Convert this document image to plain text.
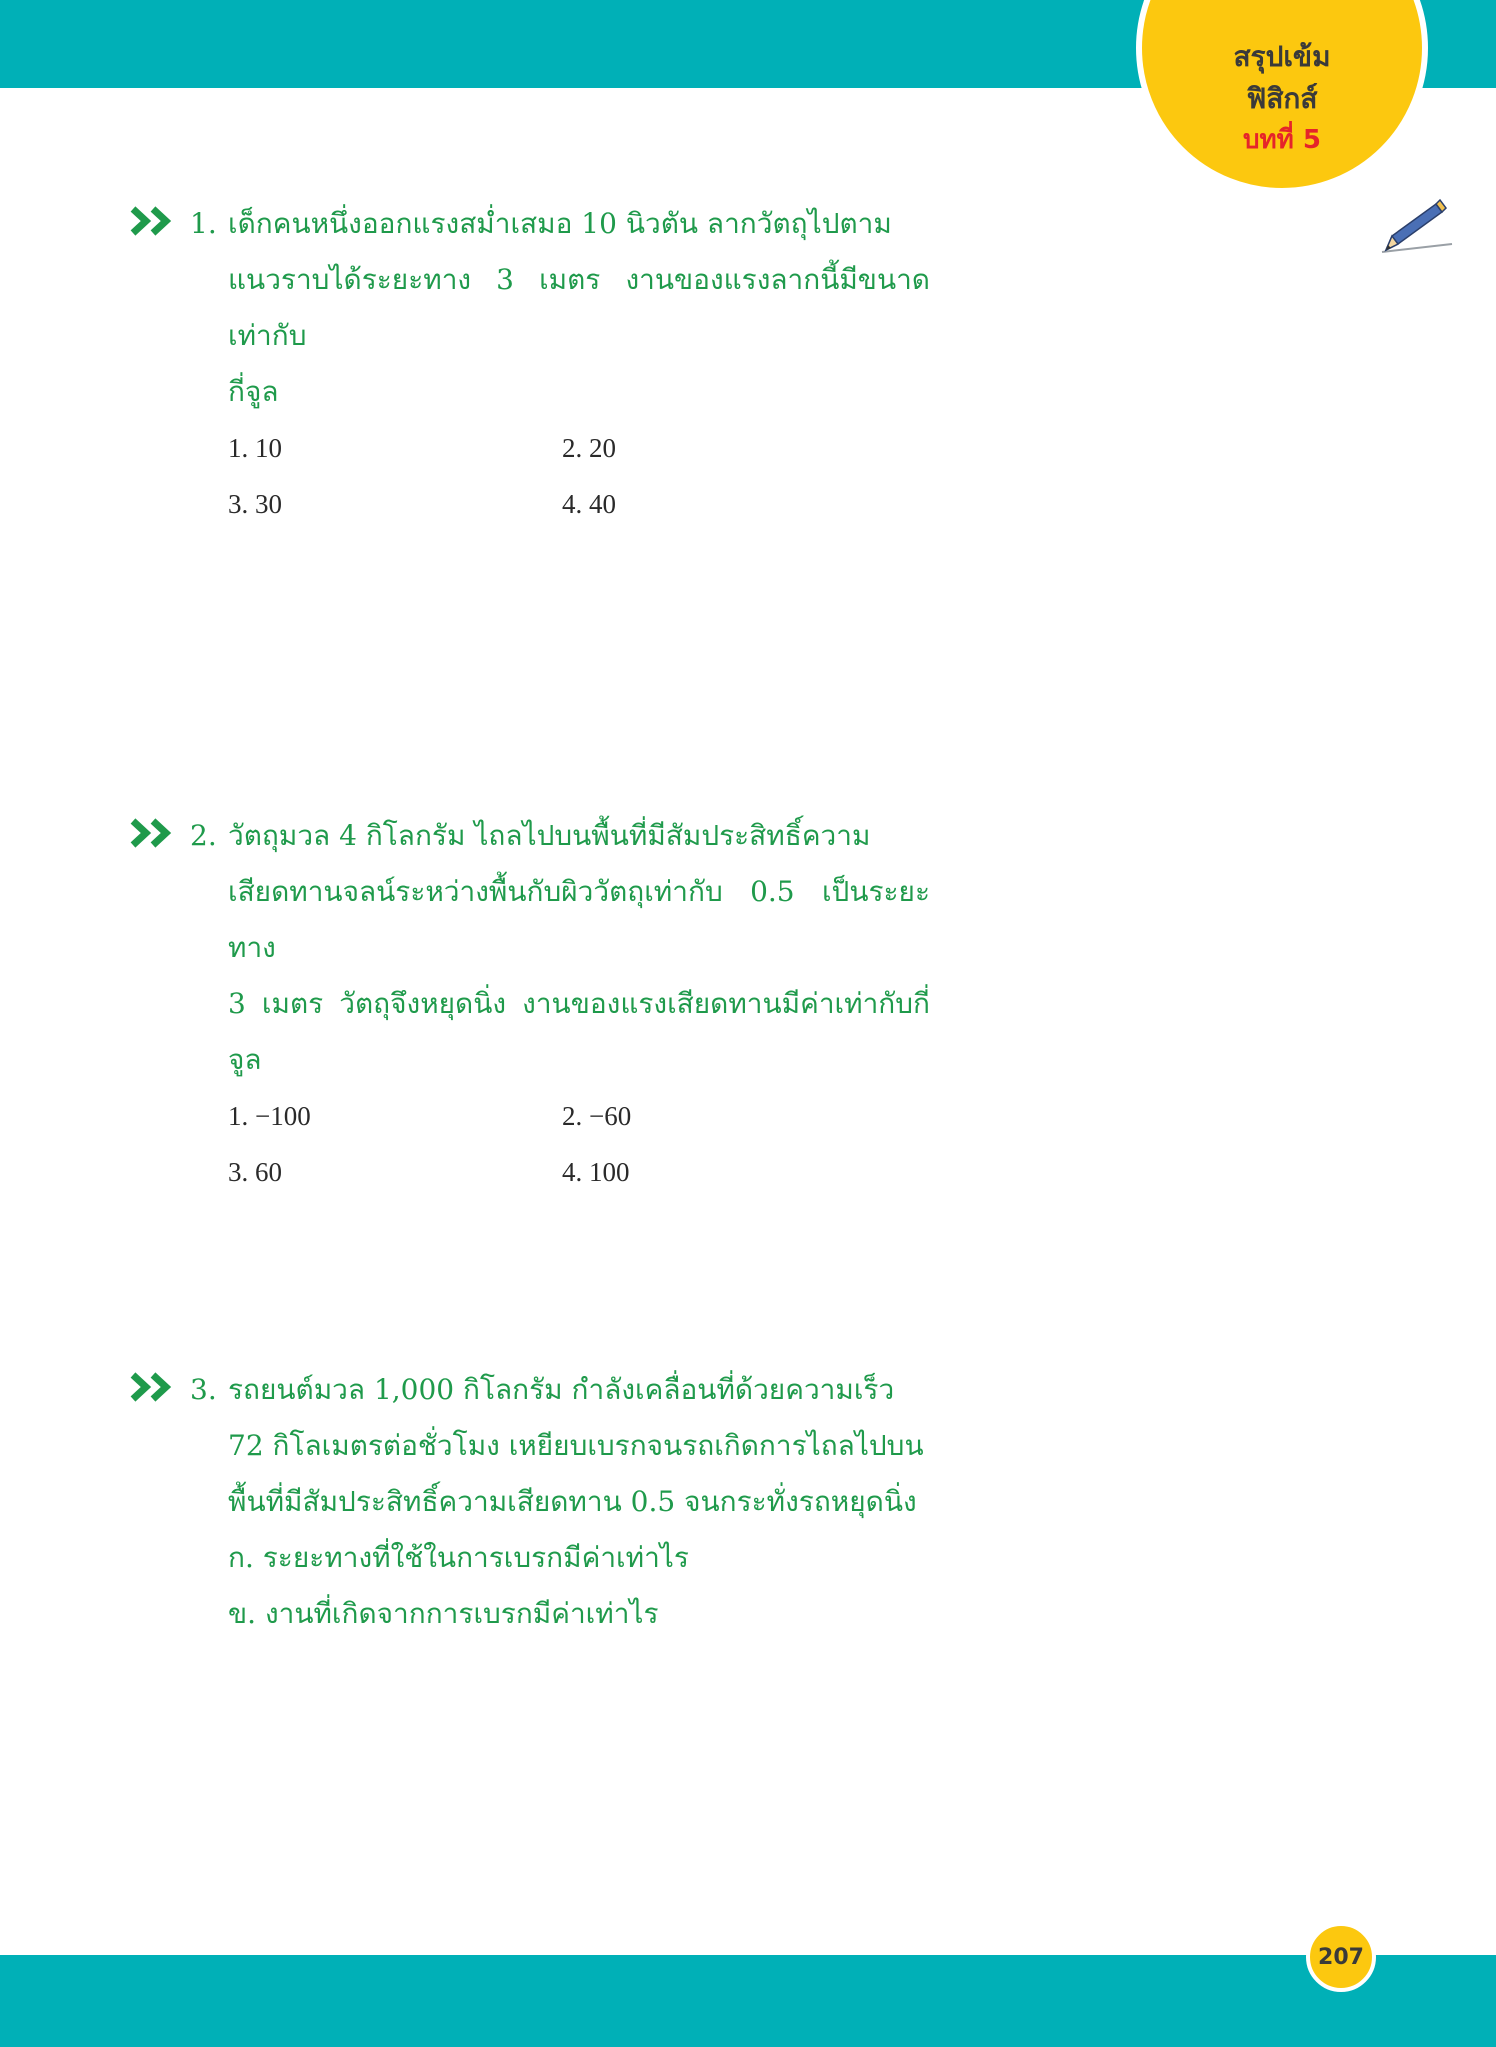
สรุปเข้ม
ฟิสิกส์
บทที่ 5
1. เด็กคนหนึ่งออกแรงสม่ำเสมอ 10 นิวตัน ลากวัตถุไปตาม
แนวราบได้ระยะทาง 3 เมตร งานของแรงลากนี้มีขนาดเท่ากับ
กี่จูล
1. 10	2. 20
3. 30	4. 40
2. วัตถุมวล 4 กิโลกรัม ไถลไปบนพื้นที่มีสัมประสิทธิ์ความ
เสียดทานจลน์ระหว่างพื้นกับผิววัตถุเท่ากับ 0.5 เป็นระยะทาง
3 เมตร วัตถุจึงหยุดนิ่ง งานของแรงเสียดทานมีค่าเท่ากับกี่จูล
1. −100	2. −60
3. 60	4. 100
3. รถยนต์มวล 1,000 กิโลกรัม กำลังเคลื่อนที่ด้วยความเร็ว
72 กิโลเมตรต่อชั่วโมง เหยียบเบรกจนรถเกิดการไถลไปบน
พื้นที่มีสัมประสิทธิ์ความเสียดทาน 0.5 จนกระทั่งรถหยุดนิ่ง
ก. ระยะทางที่ใช้ในการเบรกมีค่าเท่าไร
ข. งานที่เกิดจากการเบรกมีค่าเท่าไร
207
